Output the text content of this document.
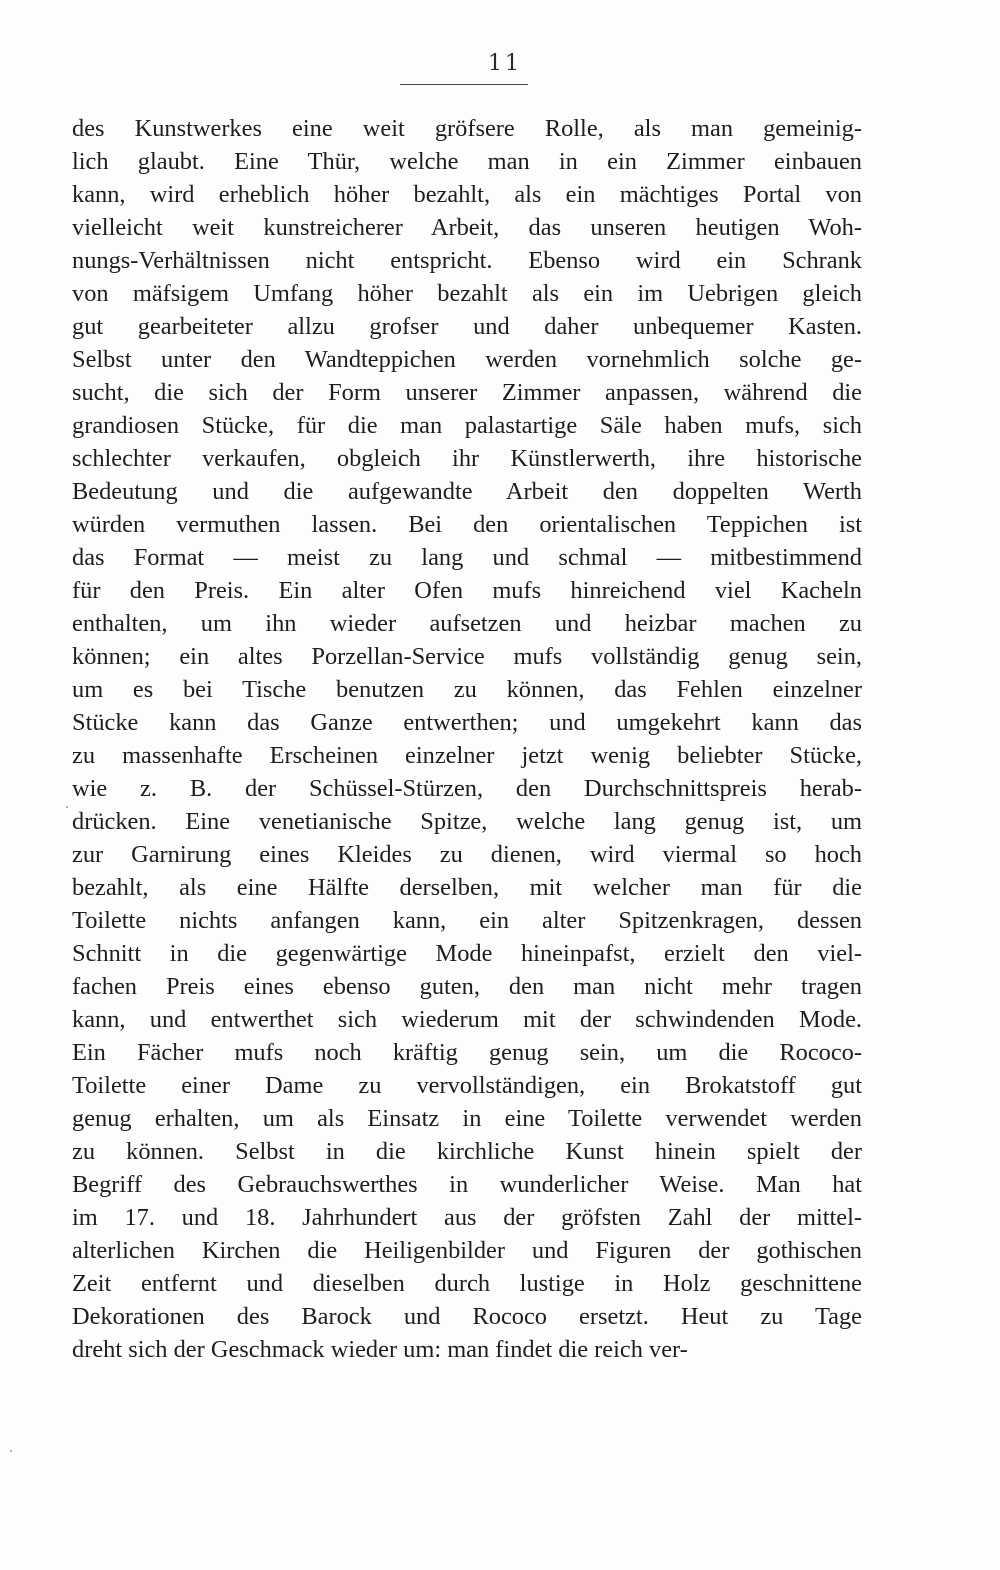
11
des Kunstwerkes eine weit gröfsere Rolle, als man gemeinig-
lich glaubt. Eine Thür, welche man in ein Zimmer einbauen
kann, wird erheblich höher bezahlt, als ein mächtiges Portal von
vielleicht weit kunstreicherer Arbeit, das unseren heutigen Woh-
nungs-Verhältnissen nicht entspricht. Ebenso wird ein Schrank
von mäfsigem Umfang höher bezahlt als ein im Uebrigen gleich
gut gearbeiteter allzu grofser und daher unbequemer Kasten.
Selbst unter den Wandteppichen werden vornehmlich solche ge-
sucht, die sich der Form unserer Zimmer anpassen, während die
grandiosen Stücke, für die man palastartige Säle haben mufs, sich
schlechter verkaufen, obgleich ihr Künstlerwerth, ihre historische
Bedeutung und die aufgewandte Arbeit den doppelten Werth
würden vermuthen lassen. Bei den orientalischen Teppichen ist
das Format — meist zu lang und schmal — mitbestimmend
für den Preis. Ein alter Ofen mufs hinreichend viel Kacheln
enthalten, um ihn wieder aufsetzen und heizbar machen zu
können; ein altes Porzellan-Service mufs vollständig genug sein,
um es bei Tische benutzen zu können, das Fehlen einzelner
Stücke kann das Ganze entwerthen; und umgekehrt kann das
zu massenhafte Erscheinen einzelner jetzt wenig beliebter Stücke,
wie z. B. der Schüssel-Stürzen, den Durchschnittspreis herab-
drücken. Eine venetianische Spitze, welche lang genug ist, um
zur Garnirung eines Kleides zu dienen, wird viermal so hoch
bezahlt, als eine Hälfte derselben, mit welcher man für die
Toilette nichts anfangen kann, ein alter Spitzenkragen, dessen
Schnitt in die gegenwärtige Mode hineinpafst, erzielt den viel-
fachen Preis eines ebenso guten, den man nicht mehr tragen
kann, und entwerthet sich wiederum mit der schwindenden Mode.
Ein Fächer mufs noch kräftig genug sein, um die Rococo-
Toilette einer Dame zu vervollständigen, ein Brokatstoff gut
genug erhalten, um als Einsatz in eine Toilette verwendet werden
zu können. Selbst in die kirchliche Kunst hinein spielt der
Begriff des Gebrauchswerthes in wunderlicher Weise. Man hat
im 17. und 18. Jahrhundert aus der gröfsten Zahl der mittel-
alterlichen Kirchen die Heiligenbilder und Figuren der gothischen
Zeit entfernt und dieselben durch lustige in Holz geschnittene
Dekorationen des Barock und Rococo ersetzt. Heut zu Tage
dreht sich der Geschmack wieder um: man findet die reich ver-
